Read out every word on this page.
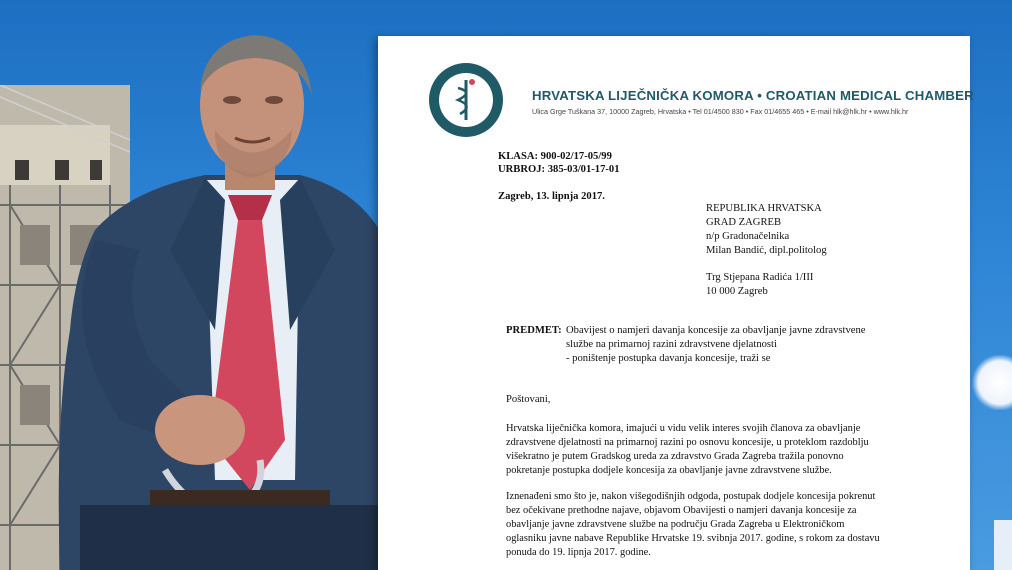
HRVATSKA LIJEČNIČKA KOMORA • CROATIAN MEDICAL CHAMBER
Ulica Grge Tuškana 37, 10000 Zagreb, Hrvatska • Tel 01/4500 830 • Fax 01/4655 465 • E-mail hlk@hlk.hr • www.hlk.hr
KLASA: 900-02/17-05/99
URBROJ: 385-03/01-17-01
Zagreb, 13. lipnja 2017.
REPUBLIKA HRVATSKA
GRAD ZAGREB
n/p Gradonačelnika
Milan Bandić, dipl.politolog
Trg Stjepana Radića 1/III
10 000 Zagreb
PREDMET: Obavijest o namjeri davanja koncesije za obavljanje javne zdravstvene
službe na primarnoj razini zdravstvene djelatnosti
- poništenje postupka davanja koncesije, traži se
Poštovani,
Hrvatska liječnička komora, imajući u vidu velik interes svojih članova za obavljanje
zdravstvene djelatnosti na primarnoj razini po osnovu koncesije, u proteklom razdoblju
višekratno je putem Gradskog ureda za zdravstvo Grada Zagreba tražila ponovno
pokretanje postupka dodjele koncesija za obavljanje javne zdravstvene službe.
Iznenađeni smo što je, nakon višegodišnjih odgoda, postupak dodjele koncesija pokrenut
bez očekivane prethodne najave, objavom Obavijesti o namjeri davanja koncesije za
obavljanje javne zdravstvene službe na području Grada Zagreba u Elektroničkom
oglasniku javne nabave Republike Hrvatske 19. svibnja 2017. godine, s rokom za dostavu
ponuda do 19. lipnja 2017. godine.
